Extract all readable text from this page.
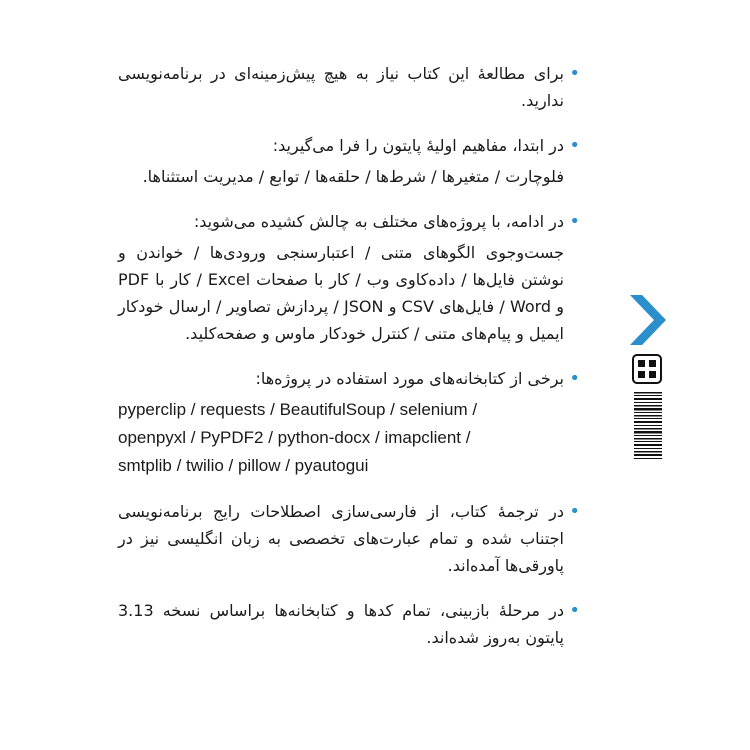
• برای مطالعهٔ این کتاب نیاز به هیچ پیش‌زمینه‌ای در برنامه‌نویسی ندارید.

• در ابتدا، مفاهیم اولیهٔ پایتون را فرا می‌گیرید:

فلوچارت / متغیرها / شرط‌ها / حلقه‌ها / توابع / مدیریت استثناها.

• در ادامه، با پروژه‌های مختلف به چالش کشیده می‌شوید:

جست‌وجوی الگوهای متنی / اعتبارسنجی ورودی‌ها / خواندن و نوشتن فایل‌ها / داده‌کاوی وب / کار با صفحات Excel / کار با PDF و Word / فایل‌های CSV و JSON / پردازش تصاویر / ارسال خودکار ایمیل و پیام‌های متنی / کنترل خودکار ماوس و صفحه‌کلید.

• برخی از کتابخانه‌های مورد استفاده در پروژه‌ها:

pyperclip / requests / BeautifulSoup / selenium /
openpyxl / PyPDF2 / python-docx / imapclient /
smtplib / twilio / pillow / pyautogui

• در ترجمهٔ کتاب، از فارسی‌سازی اصطلاحات رایج برنامه‌نویسی اجتناب شده و تمام عبارت‌های تخصصی به زبان انگلیسی نیز در پاورقی‌ها آمده‌اند.

• در مرحلهٔ بازبینی، تمام کدها و کتابخانه‌ها براساس نسخه 3.13 پایتون به‌روز شده‌اند.
